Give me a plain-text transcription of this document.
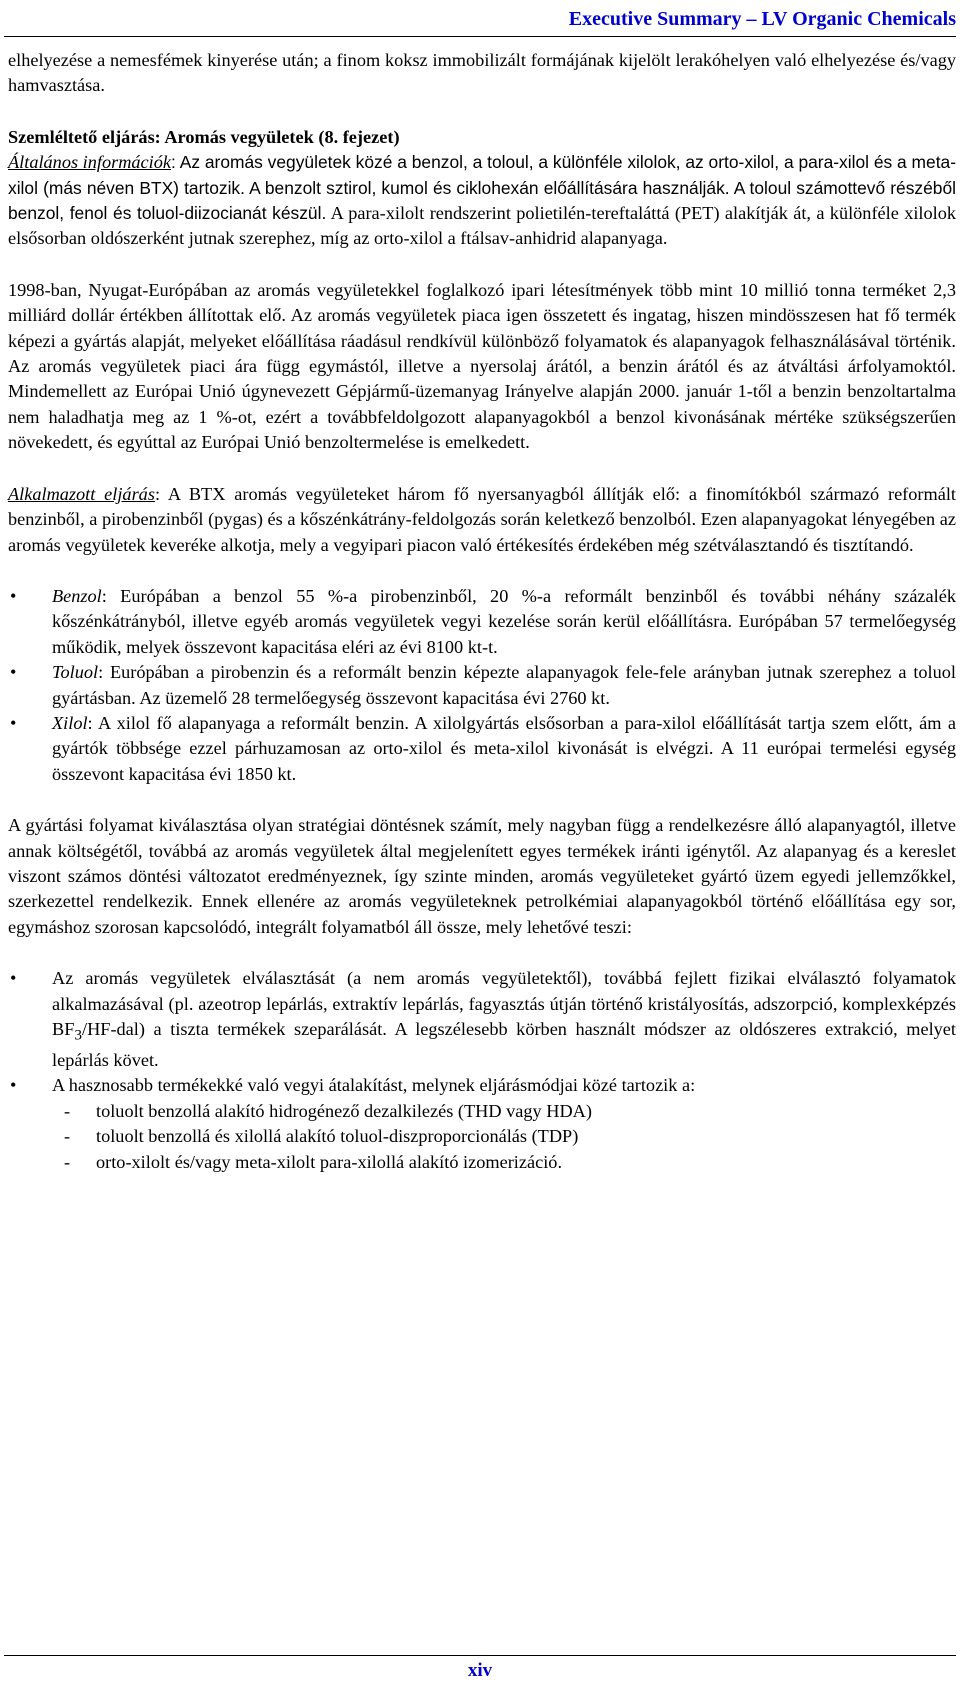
Executive Summary – LV Organic Chemicals

elhelyezése a nemesfémek kinyerése után; a finom koksz immobilizált formájának kijelölt lerakóhelyen való elhelyezése és/vagy hamvasztása.

Szemléltető eljárás: Aromás vegyületek (8. fejezet)

Általános információk: Az aromás vegyületek közé a benzol, a toloul, a különféle xilolok, az orto-xilol, a para-xilol és a meta-xilol (más néven BTX) tartozik. A benzolt sztirol, kumol és ciklohexán előállítására használják. A toloul számottevő részéből benzol, fenol és toluol-diizocianát készül. A para-xilolt rendszerint polietilén-tereftaláttá (PET) alakítják át, a különféle xilolok elsősorban oldószerként jutnak szerephez, míg az orto-xilol a ftálsav-anhidrid alapanyaga.

1998-ban, Nyugat-Európában az aromás vegyületekkel foglalkozó ipari létesítmények több mint 10 millió tonna terméket 2,3 milliárd dollár értékben állítottak elő. Az aromás vegyületek piaca igen összetett és ingatag, hiszen mindösszesen hat fő termék képezi a gyártás alapját, melyeket előállítása ráadásul rendkívül különböző folyamatok és alapanyagok felhasználásával történik. Az aromás vegyületek piaci ára függ egymástól, illetve a nyersolaj árától, a benzin árától és az átváltási árfolyamoktól. Mindemellett az Európai Unió úgynevezett Gépjármű-üzemanyag Irányelve alapján 2000. január 1-től a benzin benzoltartalma nem haladhatja meg az 1 %-ot, ezért a továbbfeldolgozott alapanyagokból a benzol kivonásának mértéke szükségszerűen növekedett, és egyúttal az Európai Unió benzoltermelése is emelkedett.

Alkalmazott eljárás: A BTX aromás vegyületeket három fő nyersanyagból állítják elő: a finomítókból származó reformált benzinből, a pirobenzinből (pygas) és a kőszénkátrány-feldolgozás során keletkező benzolból. Ezen alapanyagokat lényegében az aromás vegyületek keveréke alkotja, mely a vegyipari piacon való értékesítés érdekében még szétválasztandó és tisztítandó.

• Benzol: Európában a benzol 55 %-a pirobenzinből, 20 %-a reformált benzinből és további néhány százalék kőszénkátrányból, illetve egyéb aromás vegyületek vegyi kezelése során kerül előállításra. Európában 57 termelőegység működik, melyek összevont kapacitása eléri az évi 8100 kt-t.
• Toluol: Európában a pirobenzin és a reformált benzin képezte alapanyagok fele-fele arányban jutnak szerephez a toluol gyártásban. Az üzemelő 28 termelőegység összevont kapacitása évi 2760 kt.
• Xilol: A xilol fő alapanyaga a reformált benzin. A xilolgyártás elsősorban a para-xilol előállítását tartja szem előtt, ám a gyártók többsége ezzel párhuzamosan az orto-xilol és meta-xilol kivonását is elvégzi. A 11 európai termelési egység összevont kapacitása évi 1850 kt.

A gyártási folyamat kiválasztása olyan stratégiai döntésnek számít, mely nagyban függ a rendelkezésre álló alapanyagtól, illetve annak költségétől, továbbá az aromás vegyületek által megjelenített egyes termékek iránti igénytől. Az alapanyag és a kereslet viszont számos döntési változatot eredményeznek, így szinte minden, aromás vegyületeket gyártó üzem egyedi jellemzőkkel, szerkezettel rendelkezik. Ennek ellenére az aromás vegyületeknek petrolkémiai alapanyagokból történő előállítása egy sor, egymáshoz szorosan kapcsolódó, integrált folyamatból áll össze, mely lehetővé teszi:

• Az aromás vegyületek elválasztását (a nem aromás vegyületektől), továbbá fejlett fizikai elválasztó folyamatok alkalmazásával (pl. azeotrop lepárlás, extraktív lepárlás, fagyasztás útján történő kristályosítás, adszorpció, komplexképzés $BF_3/HF-dal$) a tiszta termékek szeparálását. A legszélesebb körben használt módszer az oldószeres extrakció, melyet lepárlás követ.
• A hasznosabb termékekké való vegyi átalakítást, melynek eljárásmódjai közé tartozik a:
- toluolt benzollá alakító hidrogénező dezalkilezés (THD vagy HDA)
- toluolt benzollá és xilollá alakító toluol-diszproporcionálás (TDP)
- orto-xilolt és/vagy meta-xilolt para-xilollá alakító izomerizáció.
xiv
